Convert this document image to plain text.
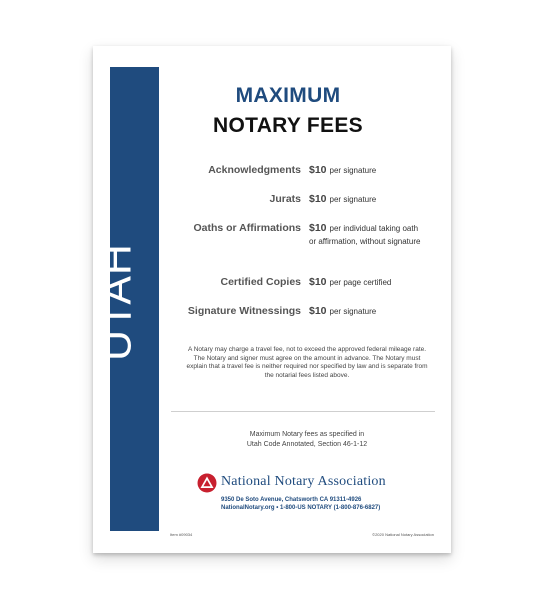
UTAH
MAXIMUM
NOTARY FEES
Acknowledgments $10 per signature
Jurats $10 per signature
Oaths or Affirmations $10 per individual taking oath or affirmation, without signature
Certified Copies $10 per page certified
Signature Witnessings $10 per signature
A Notary may charge a travel fee, not to exceed the approved federal mileage rate. The Notary and signer must agree on the amount in advance. The Notary must explain that a travel fee is neither required nor specified by law and is separate from the notarial fees listed above.
Maximum Notary fees as specified in
Utah Code Annotated, Section 46-1-12
National Notary Association
9350 De Soto Avenue, Chatsworth CA 91311-4926
NationalNotary.org • 1-800-US NOTARY (1-800-876-6827)
Item #09034	©2020 National Notary Association
